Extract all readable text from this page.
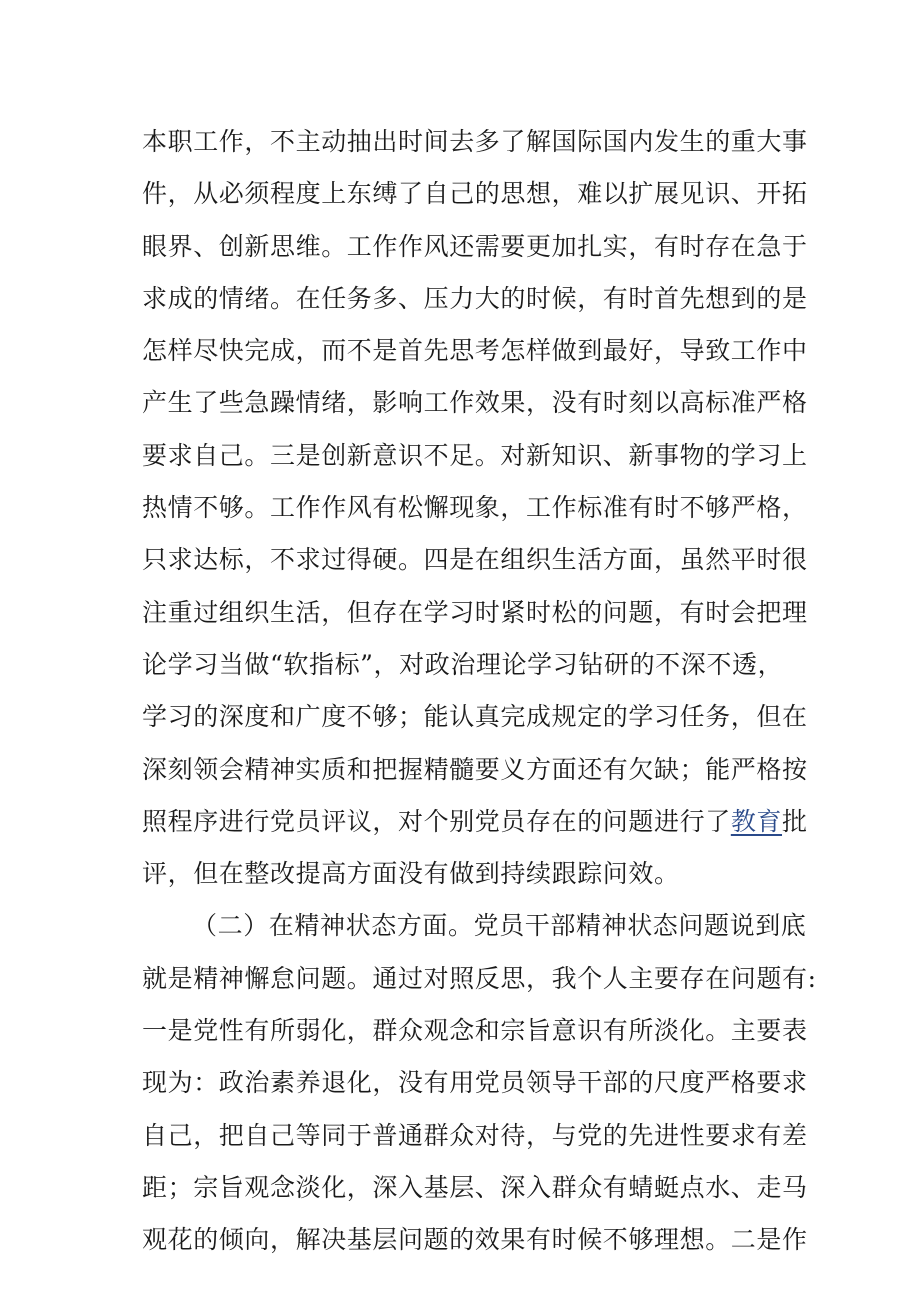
本职工作，不主动抽出时间去多了解国际国内发生的重大事
件，从必须程度上东缚了自己的思想，难以扩展见识、开拓
眼界、创新思维。工作作风还需要更加扎实，有时存在急于
求成的情绪。在任务多、压力大的时候，有时首先想到的是
怎样尽快完成，而不是首先思考怎样做到最好，导致工作中
产生了些急躁情绪，影响工作效果，没有时刻以高标准严格
要求自己。三是创新意识不足。对新知识、新事物的学习上
热情不够。工作作风有松懈现象，工作标准有时不够严格，
只求达标，不求过得硬。四是在组织生活方面，虽然平时很
注重过组织生活，但存在学习时紧时松的问题，有时会把理
论学习当做“软指标”，对政治理论学习钻研的不深不透，
学习的深度和广度不够；能认真完成规定的学习任务，但在
深刻领会精神实质和把握精髓要义方面还有欠缺；能严格按
照程序进行党员评议，对个别党员存在的问题进行了教育批
评，但在整改提高方面没有做到持续跟踪问效。
（二）在精神状态方面。党员干部精神状态问题说到底
就是精神懈怠问题。通过对照反思，我个人主要存在问题有:
一是党性有所弱化，群众观念和宗旨意识有所淡化。主要表
现为：政治素养退化，没有用党员领导干部的尺度严格要求
自己，把自己等同于普通群众对待，与党的先进性要求有差
距；宗旨观念淡化，深入基层、深入群众有蜻蜓点水、走马
观花的倾向，解决基层问题的效果有时候不够理想。二是作
